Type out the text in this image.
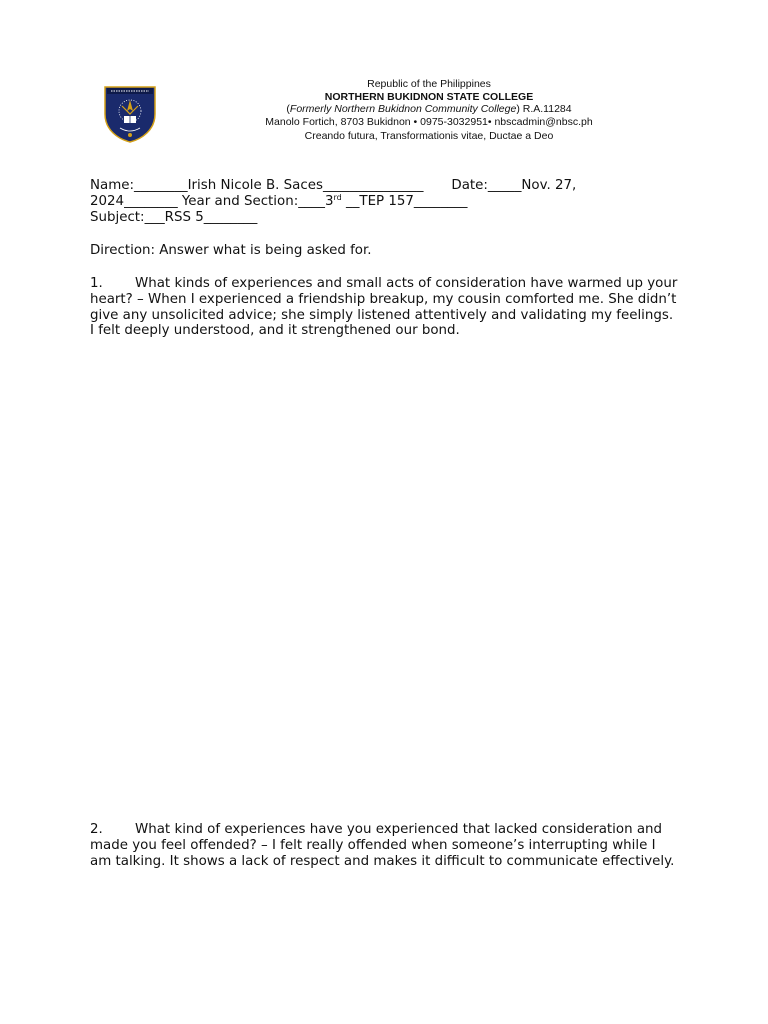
Republic of the Philippines
NORTHERN BUKIDNON STATE COLLEGE
(Formerly Northern Bukidnon Community College) R.A.11284
Manolo Fortich, 8703 Bukidnon • 0975-3032951• nbscadmin@nbsc.ph
Creando futura, Transformationis vitae, Ductae a Deo
Name:________Irish Nicole B. Saces_______________ Date:_____Nov. 27,
2024________ Year and Section:____3rd __TEP 157________
Subject:___RSS 5________
Direction: Answer what is being asked for.
1. What kinds of experiences and small acts of consideration have warmed up your heart? – When I experienced a friendship breakup, my cousin comforted me. She didn’t give any unsolicited advice; she simply listened attentively and validating my feelings. I felt deeply understood, and it strengthened our bond.
2. What kind of experiences have you experienced that lacked consideration and made you feel offended? – I felt really offended when someone’s interrupting while I am talking. It shows a lack of respect and makes it difficult to communicate effectively.
